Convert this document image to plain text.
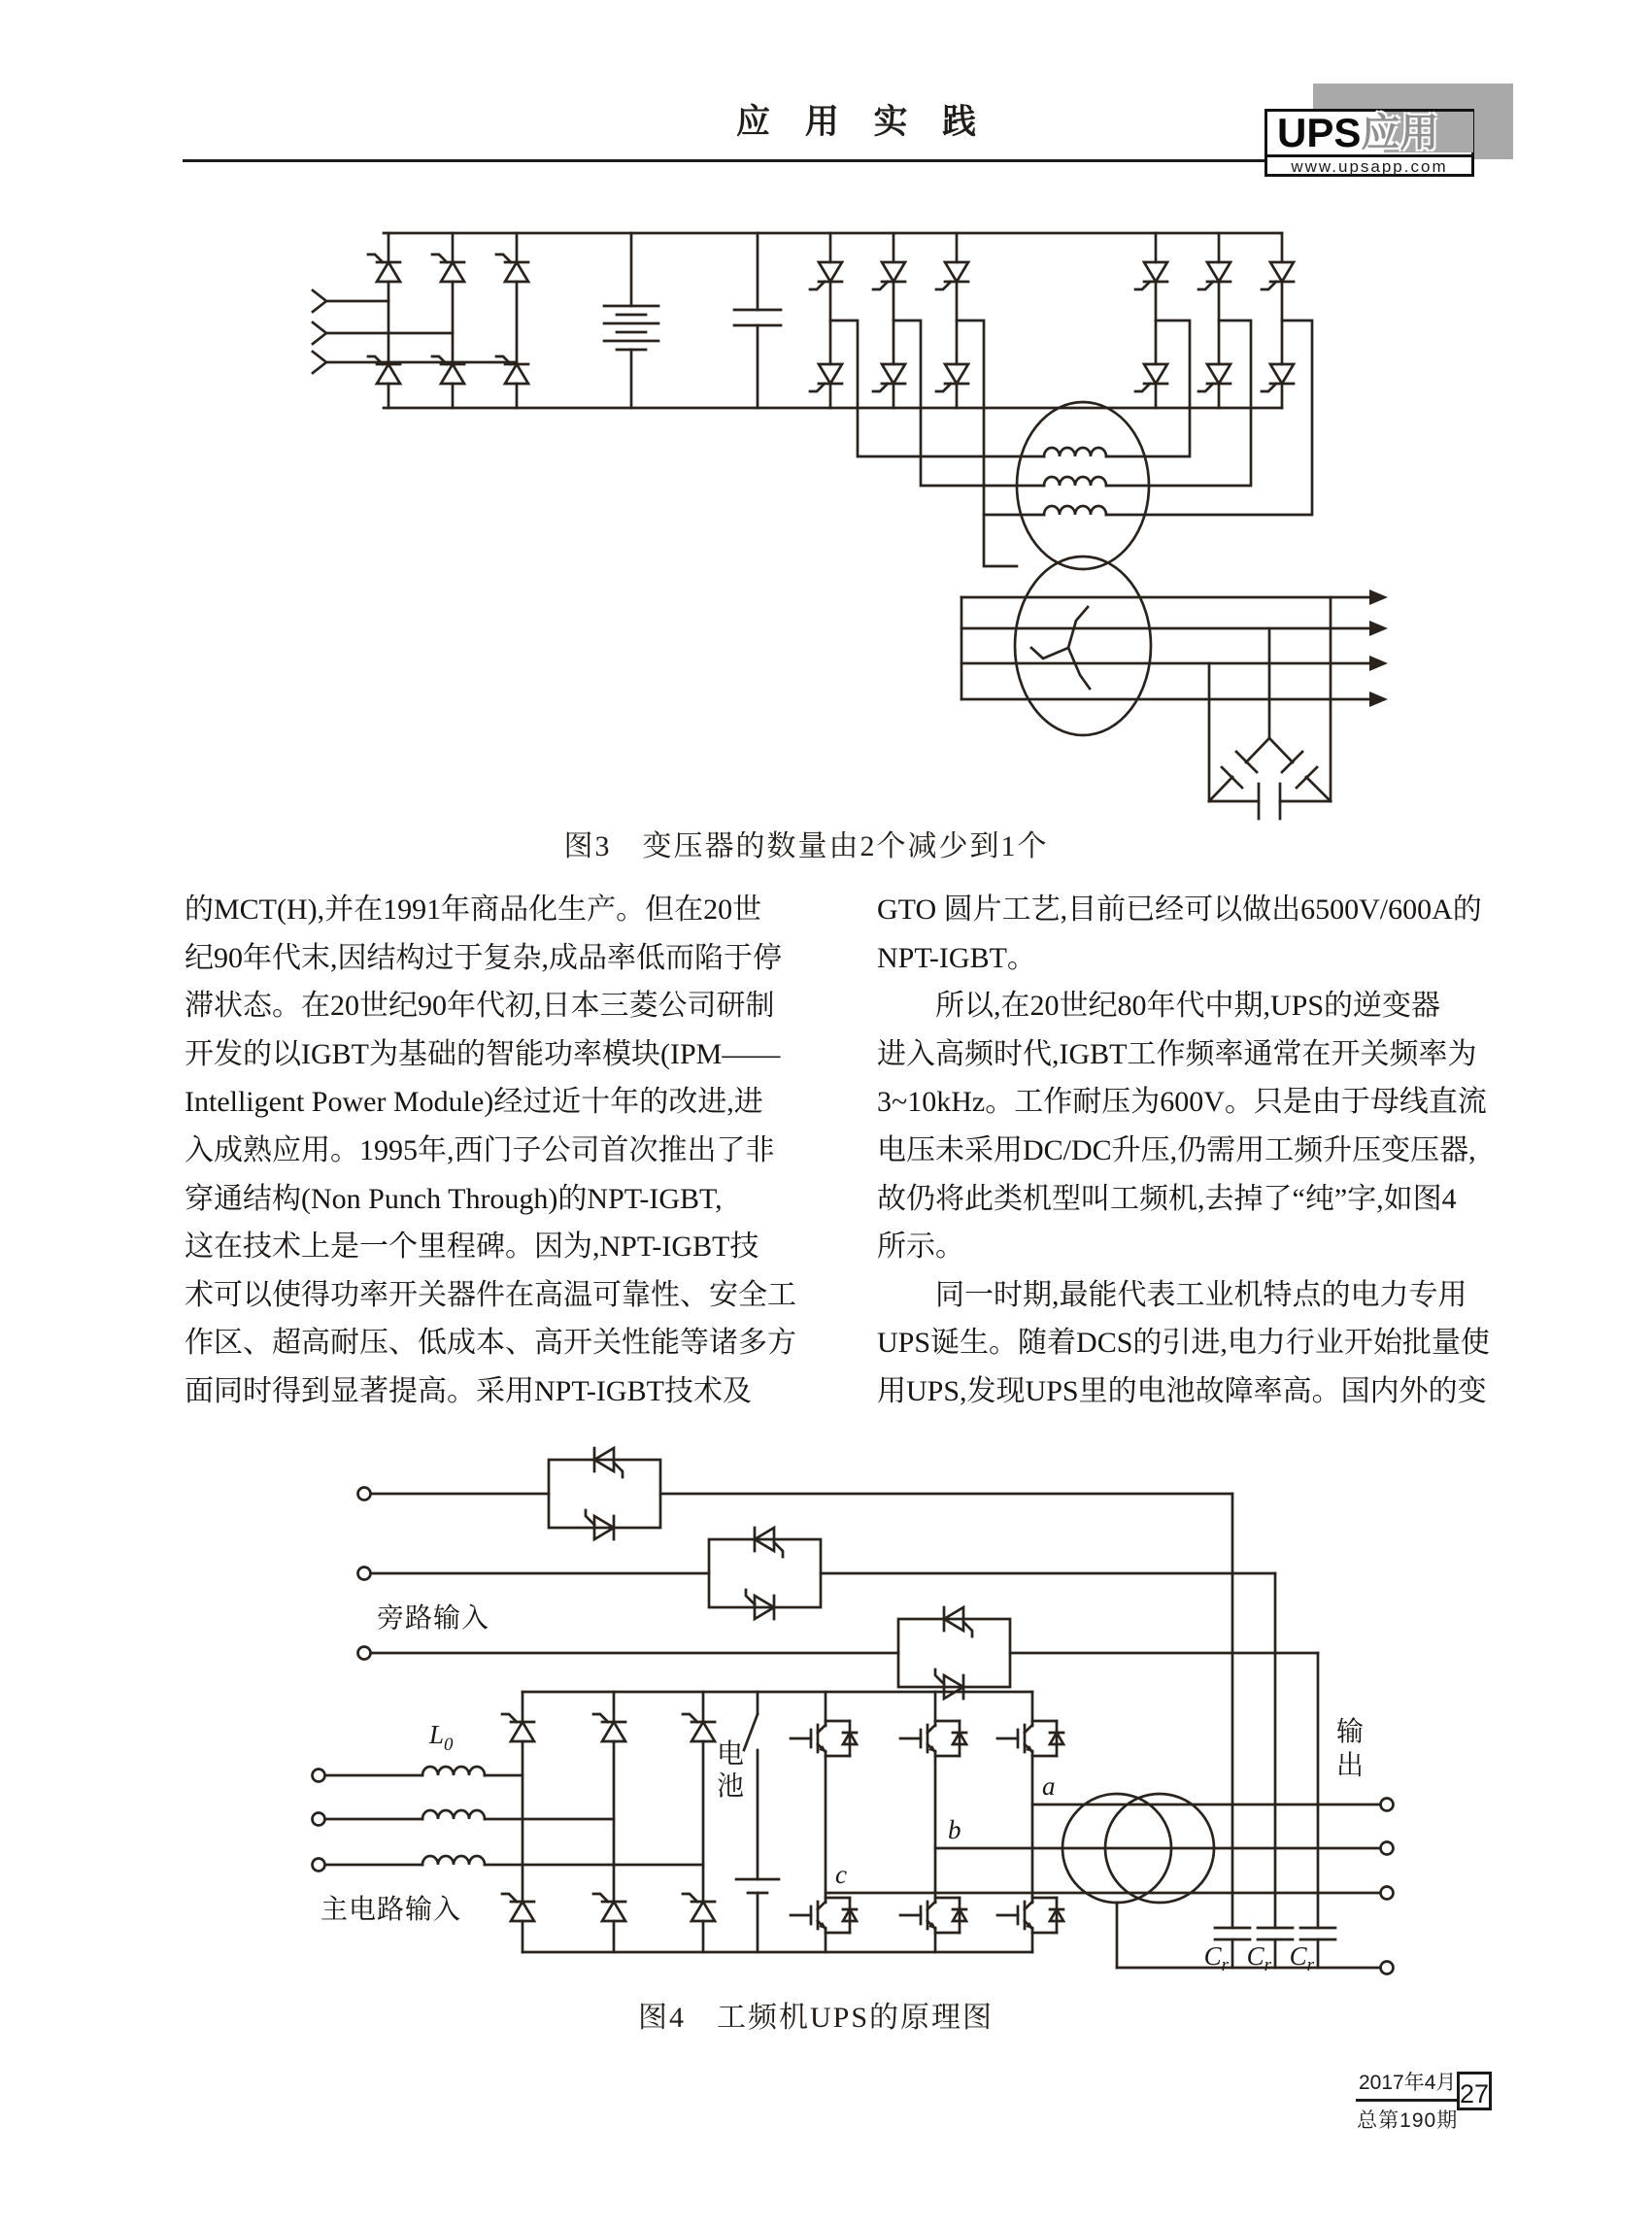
应 用 实 践	UPS 应用
www.upsapp.com
图3　变压器的数量由2个减少到1个
的MCT(H),并在1991年商品化生产。但在20世
纪90年代末,因结构过于复杂,成品率低而陷于停
滞状态。在20世纪90年代初,日本三菱公司研制
开发的以IGBT为基础的智能功率模块(IPM——
Intelligent Power Module)经过近十年的改进,进
入成熟应用。1995年,西门子公司首次推出了非
穿通结构(Non Punch Through)的NPT-IGBT,
这在技术上是一个里程碑。因为,NPT-IGBT技
术可以使得功率开关器件在高温可靠性、安全工
作区、超高耐压、低成本、高开关性能等诸多方
面同时得到显著提高。采用NPT-IGBT技术及
GTO 圆片工艺,目前已经可以做出6500V/600A的
NPT-IGBT。
　　所以,在20世纪80年代中期,UPS的逆变器
进入高频时代,IGBT工作频率通常在开关频率为
3~10kHz。工作耐压为600V。只是由于母线直流
电压未采用DC/DC升压,仍需用工频升压变压器,
故仍将此类机型叫工频机,去掉了“纯”字,如图4
所示。
　　同一时期,最能代表工业机特点的电力专用
UPS诞生。随着DCS的引进,电力行业开始批量使
用UPS,发现UPS里的电池故障率高。国内外的变
旁路输入
$L_0$
主电路输入
电
池	a
b
c
$C_r$ $C_r$ $C_r$
输
出
图4　工频机UPS的原理图
2017年4月
总第190期
27
